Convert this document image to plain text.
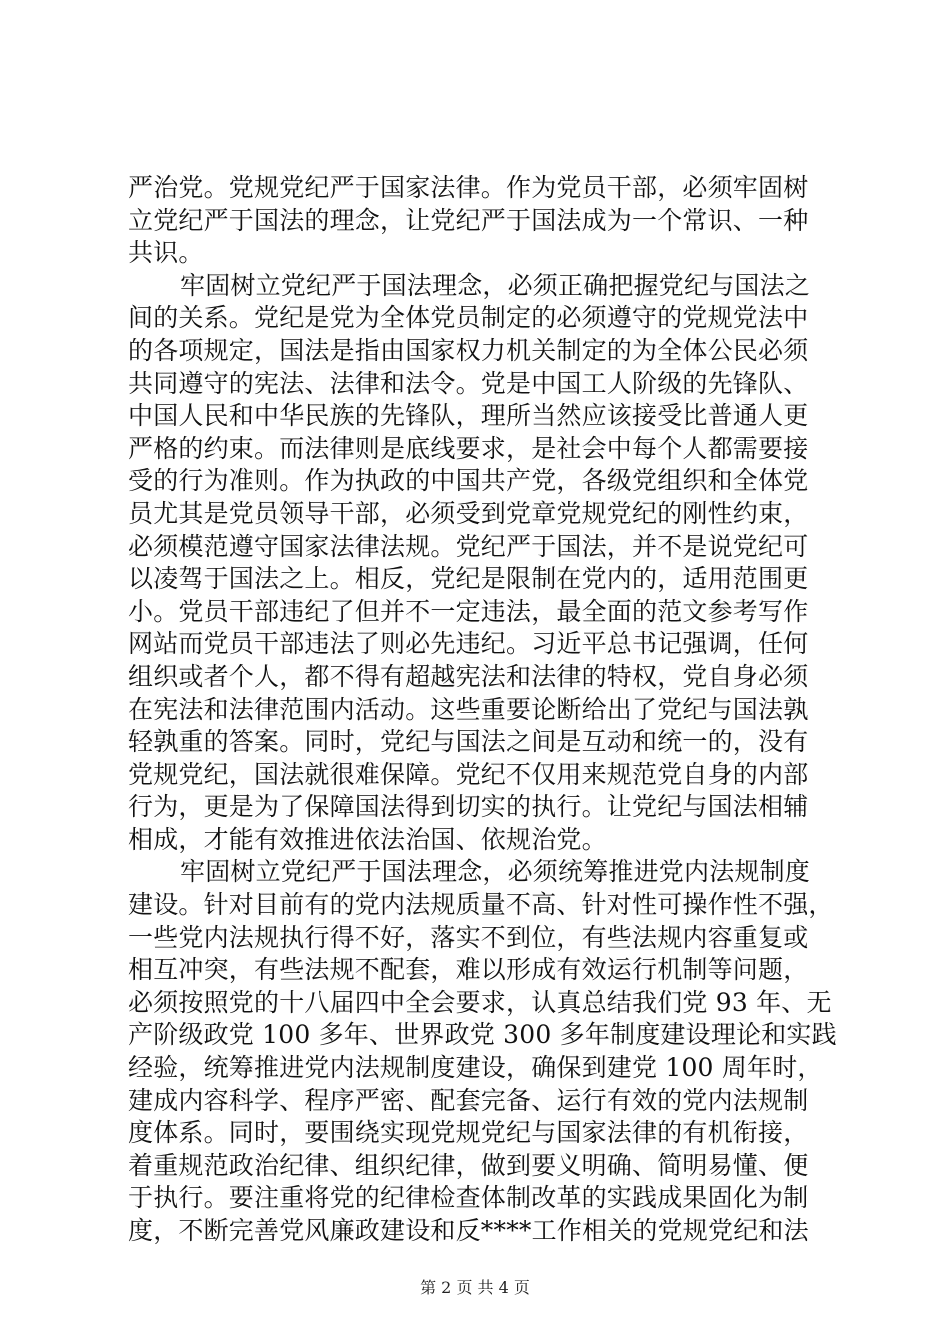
严治党。党规党纪严于国家法律。作为党员干部，必须牢固树
立党纪严于国法的理念，让党纪严于国法成为一个常识、一种
共识。
牢固树立党纪严于国法理念，必须正确把握党纪与国法之
间的关系。党纪是党为全体党员制定的必须遵守的党规党法中
的各项规定，国法是指由国家权力机关制定的为全体公民必须
共同遵守的宪法、法律和法令。党是中国工人阶级的先锋队、
中国人民和中华民族的先锋队，理所当然应该接受比普通人更
严格的约束。而法律则是底线要求，是社会中每个人都需要接
受的行为准则。作为执政的中国共产党，各级党组织和全体党
员尤其是党员领导干部，必须受到党章党规党纪的刚性约束，
必须模范遵守国家法律法规。党纪严于国法，并不是说党纪可
以凌驾于国法之上。相反，党纪是限制在党内的，适用范围更
小。党员干部违纪了但并不一定违法，最全面的范文参考写作
网站而党员干部违法了则必先违纪。习近平总书记强调，任何
组织或者个人，都不得有超越宪法和法律的特权，党自身必须
在宪法和法律范围内活动。这些重要论断给出了党纪与国法孰
轻孰重的答案。同时，党纪与国法之间是互动和统一的，没有
党规党纪，国法就很难保障。党纪不仅用来规范党自身的内部
行为，更是为了保障国法得到切实的执行。让党纪与国法相辅
相成，才能有效推进依法治国、依规治党。
牢固树立党纪严于国法理念，必须统筹推进党内法规制度
建设。针对目前有的党内法规质量不高、针对性可操作性不强，
一些党内法规执行得不好，落实不到位，有些法规内容重复或
相互冲突，有些法规不配套，难以形成有效运行机制等问题，
必须按照党的十八届四中全会要求，认真总结我们党 93 年、无
产阶级政党 100 多年、世界政党 300 多年制度建设理论和实践
经验，统筹推进党内法规制度建设，确保到建党 100 周年时，
建成内容科学、程序严密、配套完备、运行有效的党内法规制
度体系。同时，要围绕实现党规党纪与国家法律的有机衔接，
着重规范政治纪律、组织纪律，做到要义明确、简明易懂、便
于执行。要注重将党的纪律检查体制改革的实践成果固化为制
度，不断完善党风廉政建设和反****工作相关的党规党纪和法
第 2 页 共 4 页
